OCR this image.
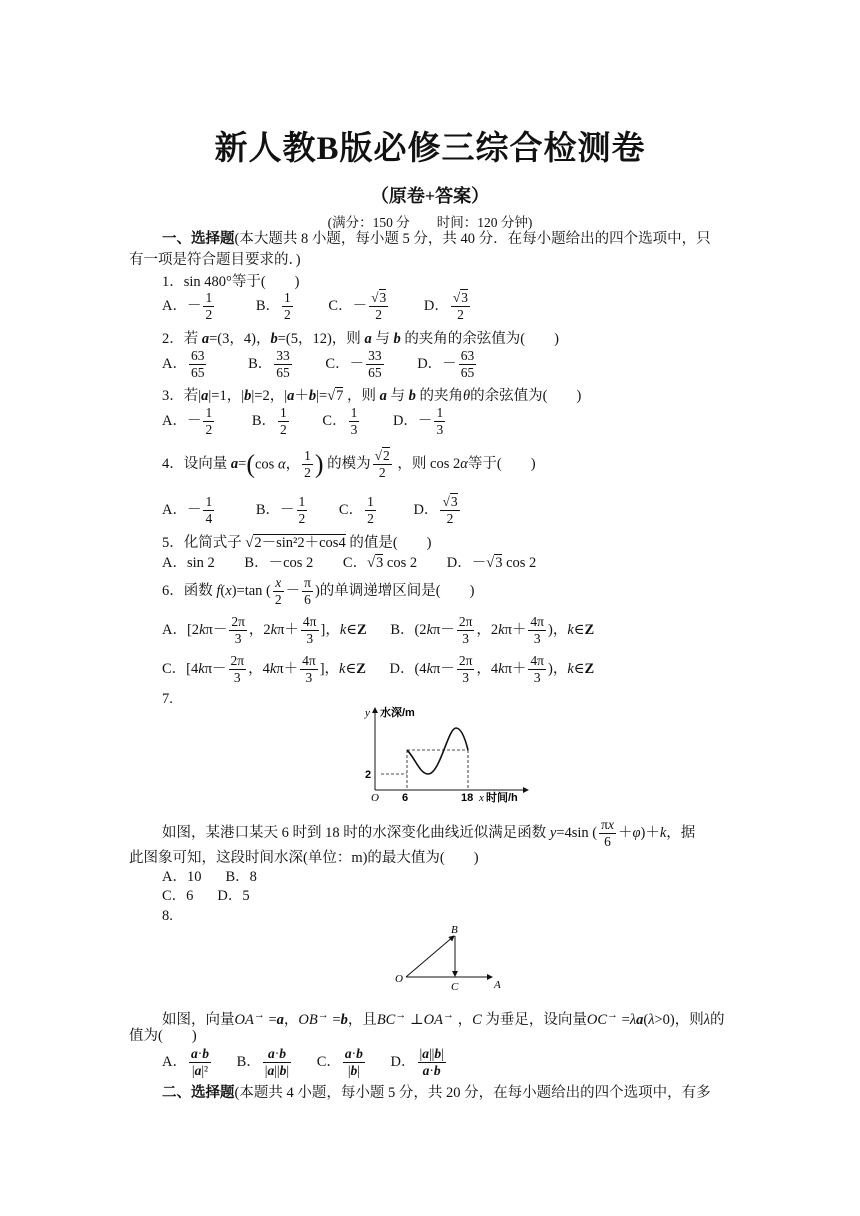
新人教B版必修三综合检测卷
（原卷+答案）
(满分：150 分　　时间：120 分钟)
一、选择题(本大题共 8 小题，每小题 5 分，共 40 分．在每小题给出的四个选项中，只
有一项是符合题目要求的．)
1．sin 480°等于(　　)
A．－ $\frac{1}{2}$	B． $\frac{1}{2}$ C．－ $\frac{√3}{2}$ D． $\frac{√3}{2}$
2．若 a=(3，4)，b=(5，12)，则 a 与 b 的夹角的余弦值为(　　)
A． $\frac{63}{65}$	B． $\frac{33}{65}$ C．－ $\frac{33}{65}$ D．－ $\frac{63}{65}$
3．若|a|=1，|b|=2，|a＋b|=√7 ，则 a 与 b 的夹角θ的余弦值为(　　)
A．－ $\frac{1}{2}$	B． $\frac{1}{2}$ C． $\frac{1}{3}$ D．－ $\frac{1}{3}$
4．设向量 a=(cos α， $\frac{1}{2}$ ) 的模为 $\frac{√2}{2}$ ，则 cos 2α等于(　　)
A．－ $\frac{1}{4}$	B．－ $\frac{1}{2}$ C． $\frac{1}{2}$	D． $\frac{√3}{2}$
5．化简式子 √2－sin²2＋cos4 的值是(　　)
A．sin 2 B．－cos 2 C．√3 cos 2 D．－√3 cos 2
6．函数 f(x)=tan ( $\frac{x}{2} - \frac{\pi}{6}$ )的单调递增区间是(　　)
A．[$2k\pi- \frac{2\pi}{3}$ ，$2k\pi+ \frac{4\pi}{3}$ ]，k∈Z B．($2k\pi- \frac{2\pi}{3}$ ，$2k\pi+ \frac{4\pi}{3}$ )，k∈Z
C．[$4k\pi- \frac{2\pi}{3}$ ，$4k\pi+ \frac{4\pi}{3}$ ]，k∈Z D．($4k\pi- \frac{2\pi}{3}$ ，$4k\pi+ \frac{4\pi}{3}$ )，k∈Z
7.
y 水深/m
O 6	18
2
x 时间/h
如图，某港口某天 6 时到 18 时的水深变化曲线近似满足函数 y=4sin ( $\frac{\pi x}{6} +\varphi)+k$，据
此图象可知，这段时间水深(单位：m)的最大值为(　　)
A．10 B．8
C．6 D．5
8.
O	A
B
C
如图，向量OA→ =a，OB→ =b，且BC→ ⊥OA→ ，C 为垂足，设向量OC→ =λa(λ>0)，则λ的
值为(　　)
A． $\frac{a\cdot b}{\text{|a|²}}$ B． $\frac{a\cdot b}{|a||b|}$ C． $\frac{a\cdot b}{|b|}$ D． $\frac{|a||b|}{a\cdot b}$
二、选择题(本题共 4 小题，每小题 5 分，共 20 分，在每小题给出的四个选项中，有多
